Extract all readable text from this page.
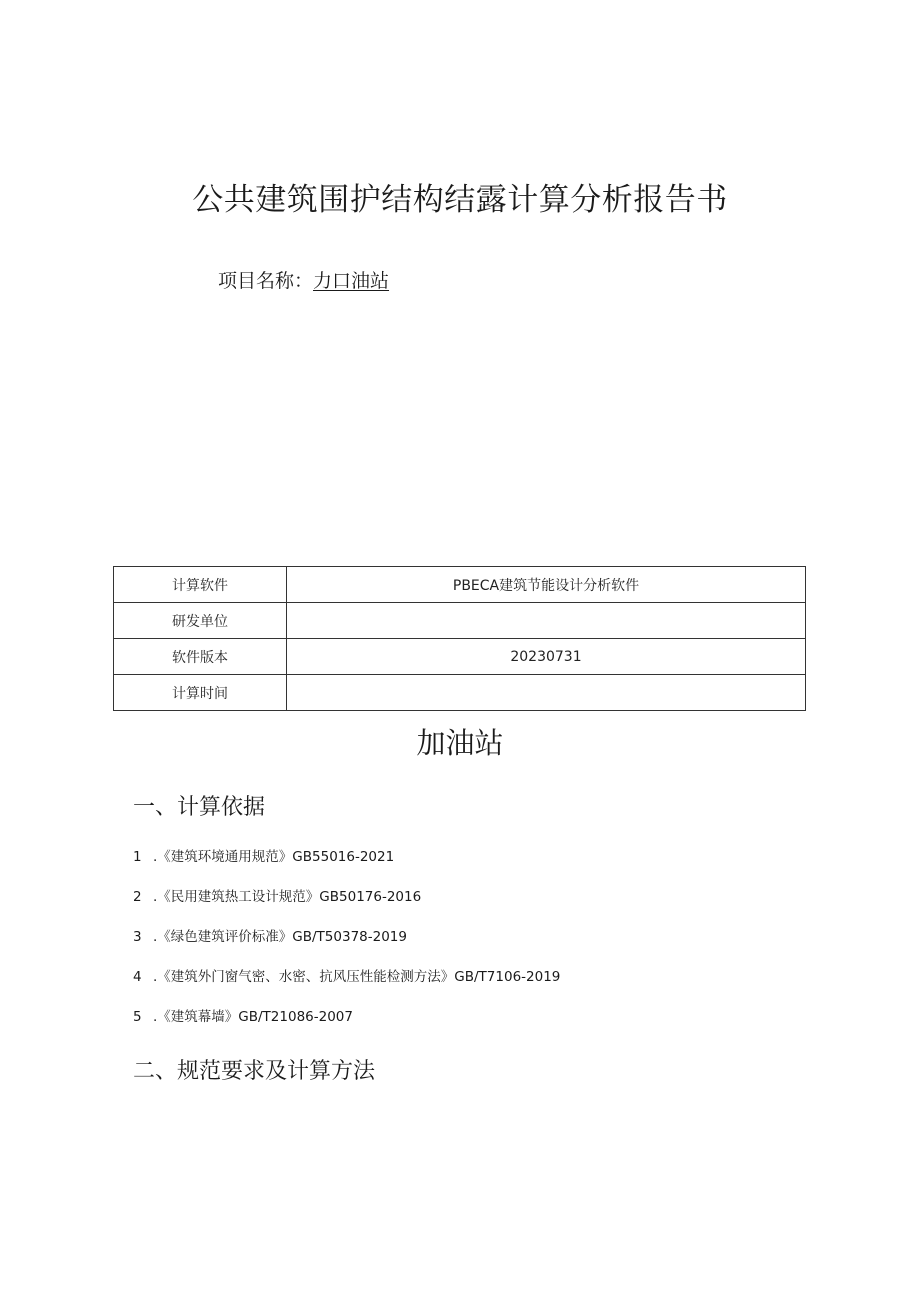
公共建筑围护结构结露计算分析报告书
项目名称：力口油站
计算软件	PBECA建筑节能设计分析软件
研发单位	
软件版本	20230731
计算时间	
加油站
一、计算依据
1 .《建筑环境通用规范》GB55016-2021
2 .《民用建筑热工设计规范》GB50176-2016
3 .《绿色建筑评价标准》GB/T50378-2019
4 .《建筑外门窗气密、水密、抗风压性能检测方法》GB/T7106-2019
5 .《建筑幕墙》GB/T21086-2007
二、规范要求及计算方法
